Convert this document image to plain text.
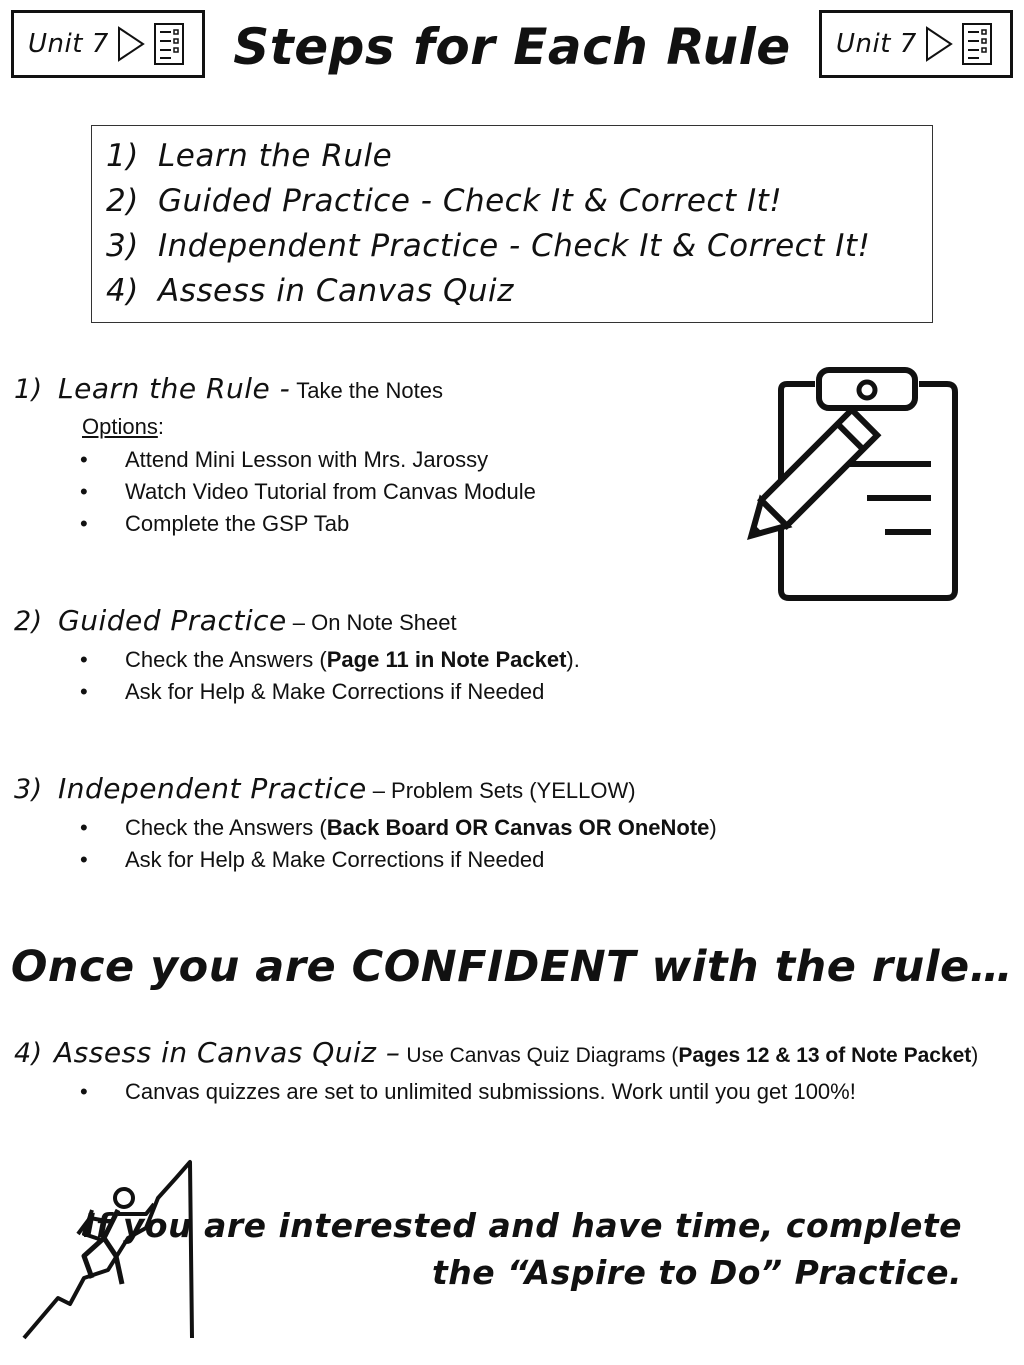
Unit 7	Unit 7
Steps for Each Rule
1) Learn the Rule
2) Guided Practice - Check It & Correct It!
3) Independent Practice - Check It & Correct It!
4) Assess in Canvas Quiz
1) Learn the Rule - Take the Notes
Options:
• Attend Mini Lesson with Mrs. Jarossy
• Watch Video Tutorial from Canvas Module
• Complete the GSP Tab
2) Guided Practice – On Note Sheet
• Check the Answers (Page 11 in Note Packet).
• Ask for Help & Make Corrections if Needed
3) Independent Practice – Problem Sets (YELLOW)
• Check the Answers (Back Board OR Canvas OR OneNote)
• Ask for Help & Make Corrections if Needed
Once you are CONFIDENT with the rule…
4) Assess in Canvas Quiz – Use Canvas Quiz Diagrams (Pages 12 & 13 of Note Packet)
• Canvas quizzes are set to unlimited submissions. Work until you get 100%!
If you are interested and have time, complete
the “Aspire to Do” Practice.
